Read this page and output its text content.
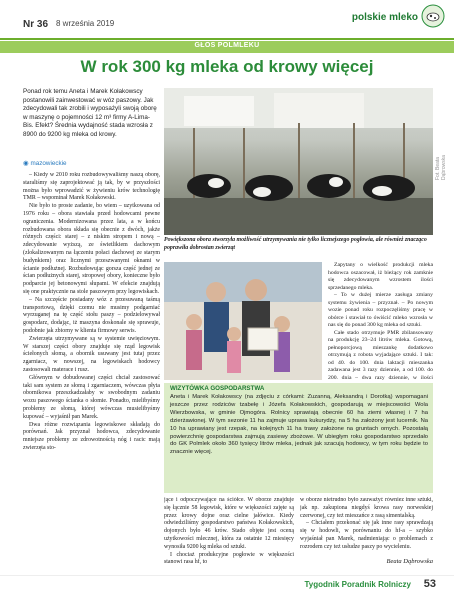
Nr 36 8 września 2019
polskie mleko
GŁOS POLMLEKU
W rok 300 kg mleka od krowy więcej
Ponad rok temu Aneta i Marek Kołakowscy postanowili zainwestować w wóz paszowy. Jak zdecydowali tak zrobili i wyposażyli swoją oborę w maszynę o pojemności 12 m³ firmy A-Lima-Bis. Efekt? Średnia wydajność stada wzrosła z 8900 do 9200 kg mleka od krowy.
◉ mazowieckie

– Kiedy w 2010 roku rozbudowywaliśmy naszą oborę, staraliśmy się zaprojektować ją tak, by w przyszłości można było wprowadzić w żywieniu krów technologię TMR – wspominał Marek Kołakowski.

Nie było to proste zadanie, bo wiem – uzytkowana od 1976 roku – obora stawiała przed hodowcami pewne ograniczenia. Modernizowana przez lata, a w końcu rozbudowana obora składa się obecnie z dwóch, jakże różnych części: starej – z niskim stropem i nową – zdecydowanie wyższą, ze świetlikiem dachowym (zlokalizowanym na łączeniu połaci dachowej ze starym budynkiem) oraz licznymi przeszwanymi oknami w ścianie podłużnej. Rozbudowując gorsza część jednej ze ścian podłużnych starej, stropowej obory, konieczne było podparcie jej betonowymi słupami. W efekcie znajdują się one praktycznie na stole paszowym przy legowiskach.

– Na szczęście posiadany wóz z przesuwaną taśmą transportową, dzięki czemu nie musimy podgarniać wyrzuganej na tę część stołu paszy – podzielowywał gospodarz, dodając, iż maszyna doskonale się sprawuje, podobnie jak zbiorny w klienta firmowy serwis.

Zwierzęta utrzymywane są w systemie uwięziowym. W starszej części obory znajduje się rząd legowisk ściełonych słomą, a obornik usuwany jest tutaj przez zgarniacz, w nowszej, na legowiskach hodowcy zastosowali materace i rusz.

Głównym w dobudowanej części chciał zastosować taki sam system ze słomą i zgarniaczem, wówczas płyta obornikowa przeszkadzałaby w swobodnym zadaniu wozu paszowego ścianka o słomie. Ponadto, mielibyśmy problemy ze słomą, której wówczas musielibyśmy kupować – wyjaśnił pan Marek.

Dwa różne rozwiązania legowiskowe składają do porównań. Jak przyznał hodowca, zdecydowanie mniejsze problemy ze zdrowotnością nóg i racic mają zwierzęta sto-

Fot. Beata Dąbrowska
Powiększona obora stworzyła możliwość utrzymywania nie tylko licznejszego pogłowia, ale również znacząco poprawiła dobrostan zwierząt
WIZYTÓWKA GOSPODARSTWA
Aneta i Marek Kołakowscy (na zdjęciu z córkami: Zuzanną, Aleksandrą i Dorotką) wspomagani jeszcze przez rodziców tzabełę i Józefa Kołakowskich, gospodarują w miejscowości Wola Wierzbowska, w gminie Ojmogóra. Rolnicy sprawiają obecnie 60 ha ziemi własnej i 7 ha dzierżawionej. W tym sezonie 11 ha zajmuje uprawa kukurydzy, na 5 ha założony jest lucernik. Na 10 ha uprawiany jest rzepak, na kolejnych 11 ha trawy założone na gruntach ornych. Pozostałą powierzchnię gospodarstwa zajmują zasiewy zbożowe. W ubiegłym roku gospodarstwo sprzedało do GK Polmlek około 360 tysięcy litrów mleka, jednak jak szacują hodowcy, w tym roku będzie to znacznie więcej.

jące i odpoczywające na ściółce. W oborze znajduje się łącznie 58 legowisk, które w większości zajęte są przez krowy dojne oraz cielne jałówice. Kiedy odwiedziliśmy gospodarstwo państwa Kołakowskich, dojonych było 46 krów. Stado objęte jest oceną użytkowości mlecznej, która za ostatnie 12 miesięcy wynosiła 9200 kg mleka od sztuki.

I chociaż produkcyjne pogłowie w większości stanowi rasa hf, to

w oborze nietrudno było zauważyć równiez inne sztuki, jak np. zakupiona niegdyś krowa rasy norweskiej czerwonej, czy też mieszańce z rasą simentalską.

– Chciałem przekonać się jak inne rasy sprawdzają się w hodowli, w porównaniu do hf-a – szybko wyjaśniał pan Marek, nadmieniając o problemach z rozrodem czy też usłudze paszy po wycieleniu.

Zapytany o wielkość produkcji mleka hodowca oszacował, iż bieżący rok zamknie się zdecydowanym wzrostem ilości sprzedanego mleka.

– To w dużej mierze zasługa zmiany systemu żywienia – przyznał. – Po nowym wozie ponad roku rozpoczęliśmy pracę w obórce i stawiał to ówiścić mleko wzrosła w nas się do ponad 300 kg mleka od sztuki.

Całe stado otrzymuje PMR zbilansowany na produkcję 23–24 litrów mleka. Gotową, pełnoporcjową mieszankę dodatkowo otrzymują z robota wyjadające sztuki. I tak: od 40. do 100. dnia laktacji mieszanka zadawana jest 3 razy dziennie, a od 100. do 200. dnia – dwa razy dziennie, w ilości

Beata Dąbrowska
Tygodnik Poradnik Rolniczy 53
